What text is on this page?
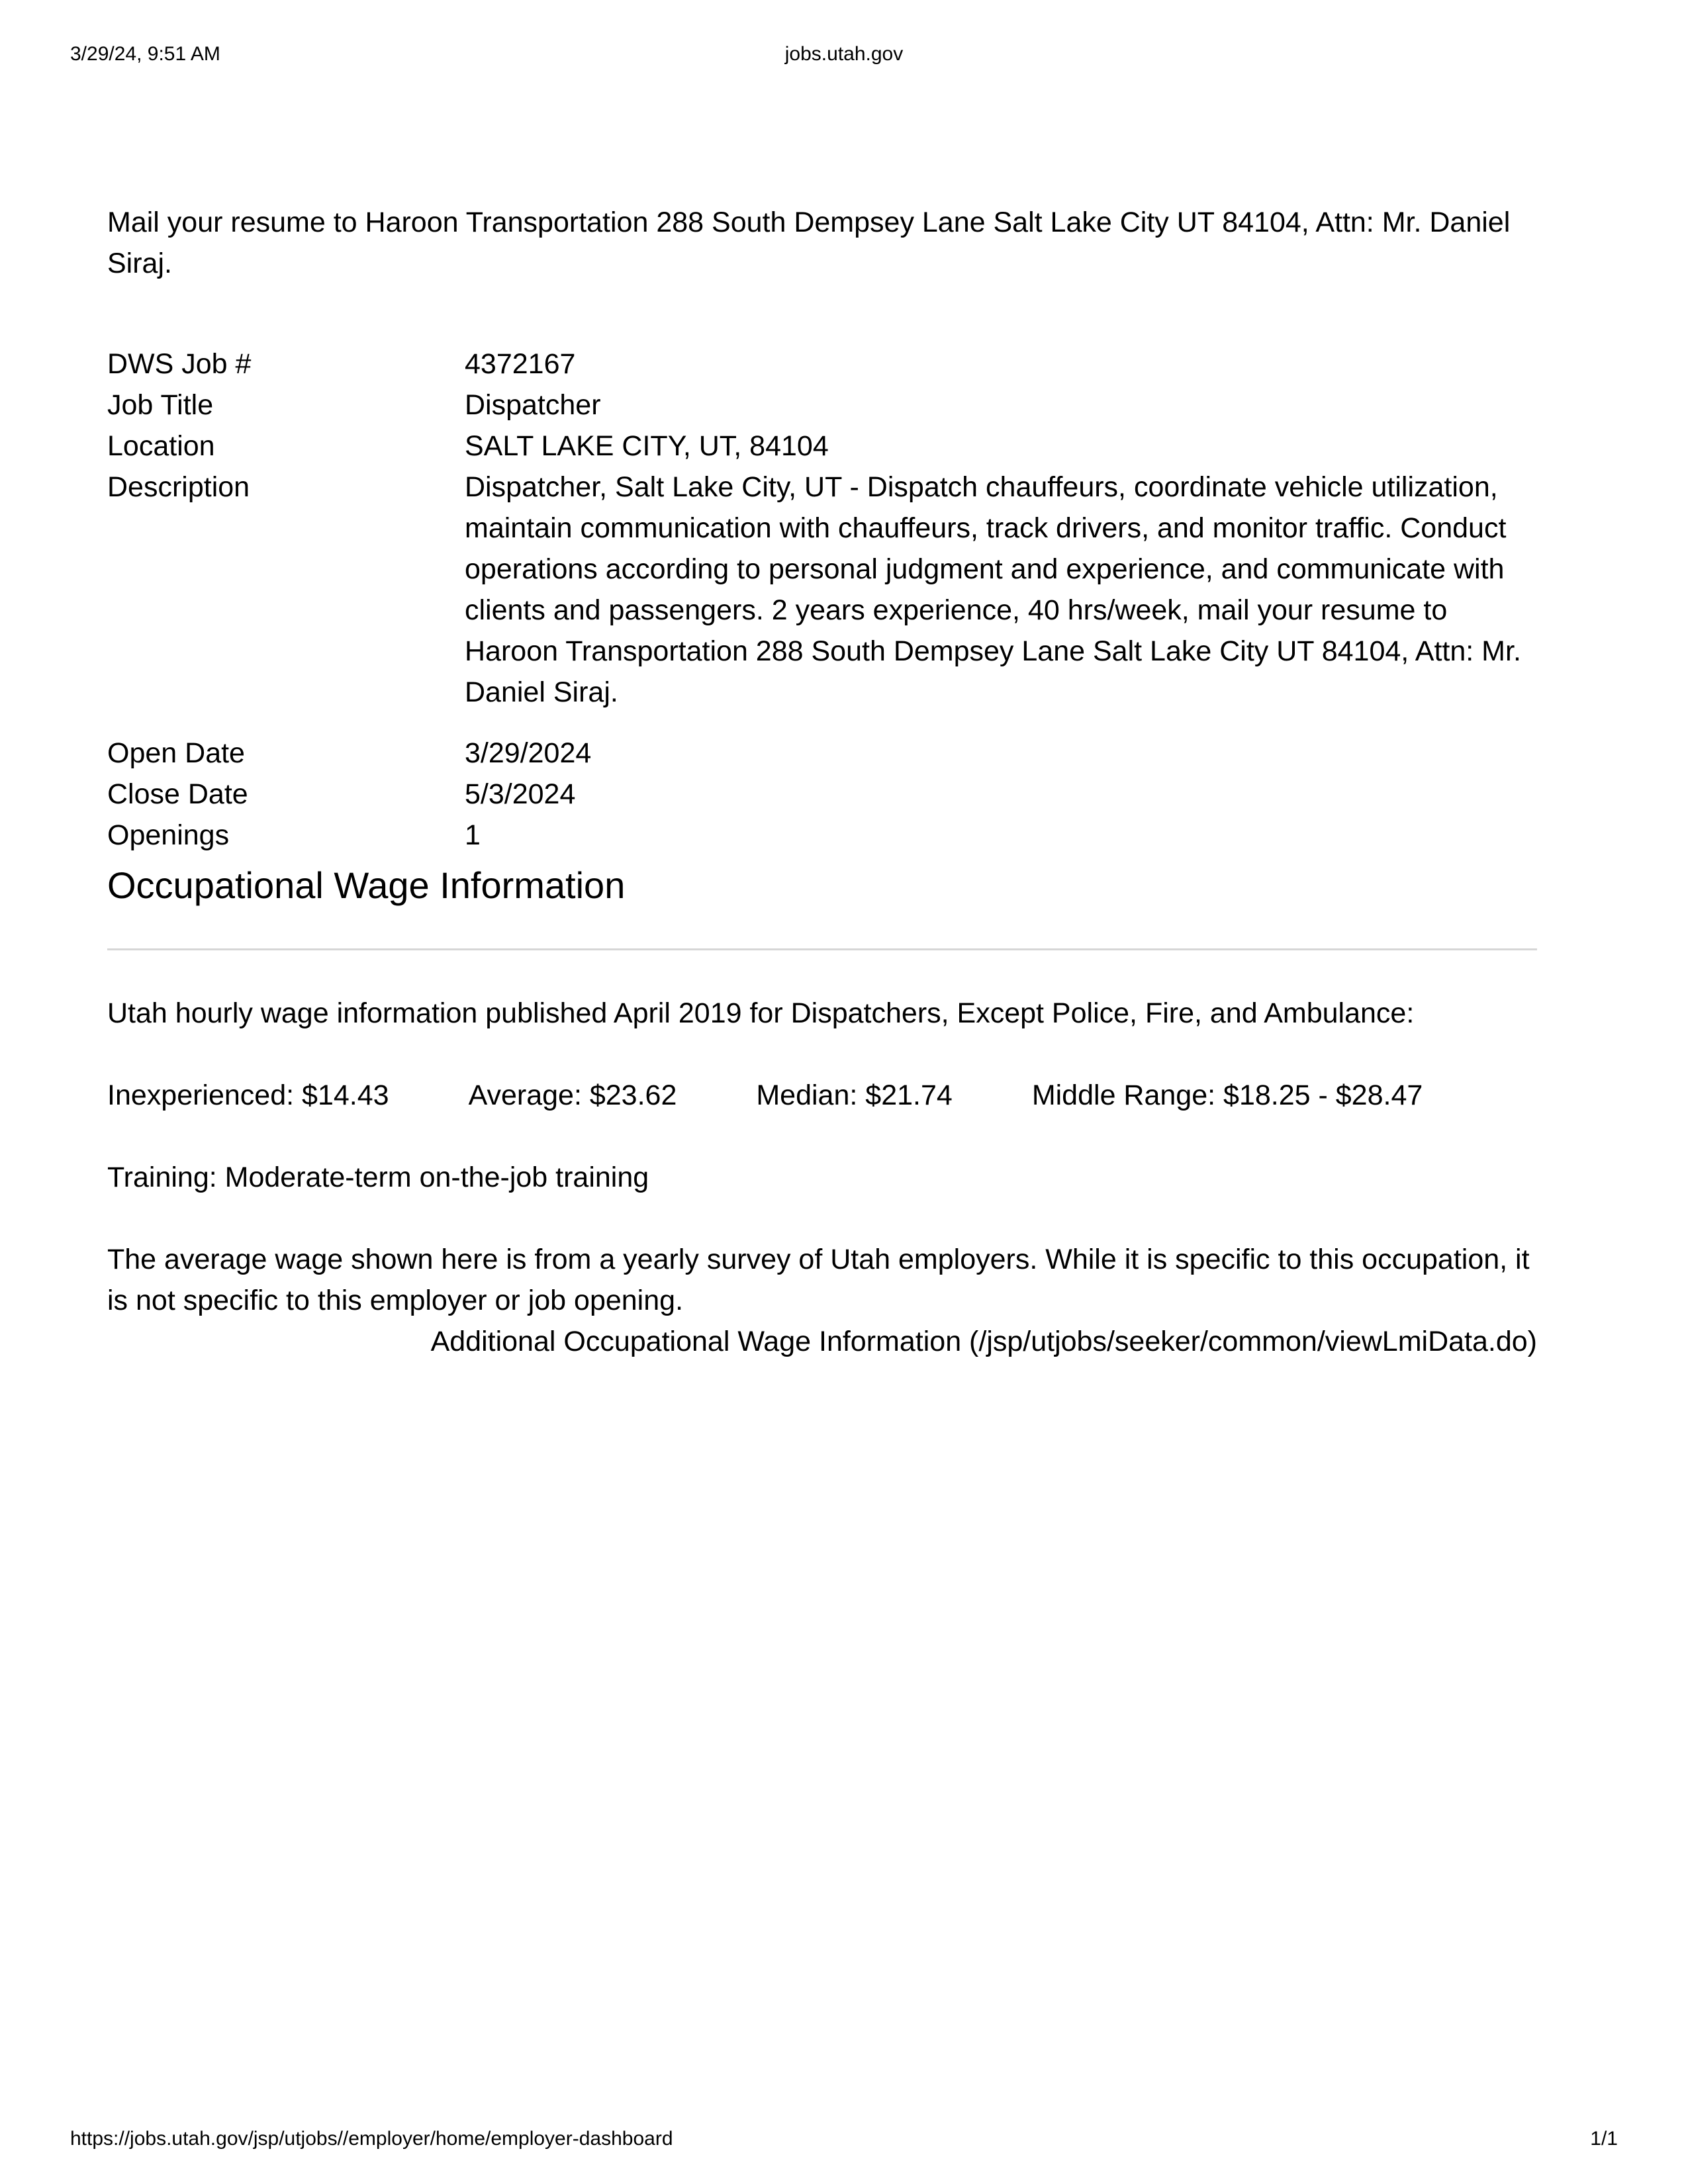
3/29/24, 9:51 AM	jobs.utah.gov

Mail your resume to Haroon Transportation 288 South Dempsey Lane Salt Lake City UT 84104, Attn: Mr. Daniel Siraj.

DWS Job #	4372167
Job Title	Dispatcher
Location	SALT LAKE CITY, UT, 84104
Description	Dispatcher, Salt Lake City, UT - Dispatch chauffeurs, coordinate vehicle utilization, maintain communication with chauffeurs, track drivers, and monitor traffic. Conduct operations according to personal judgment and experience, and communicate with clients and passengers. 2 years experience, 40 hrs/week, mail your resume to Haroon Transportation 288 South Dempsey Lane Salt Lake City UT 84104, Attn: Mr. Daniel Siraj.
Open Date	3/29/2024
Close Date	5/3/2024
Openings	1
Occupational Wage Information

Utah hourly wage information published April 2019 for Dispatchers, Except Police, Fire, and Ambulance:

Inexperienced: $14.43	Average: $23.62	Median: $21.74	Middle Range: $18.25 - $28.47

Training: Moderate-term on-the-job training

The average wage shown here is from a yearly survey of Utah employers. While it is specific to this occupation, it is not specific to this employer or job opening.

Additional Occupational Wage Information (/jsp/utjobs/seeker/common/viewLmiData.do)
https://jobs.utah.gov/jsp/utjobs//employer/home/employer-dashboard	1/1
